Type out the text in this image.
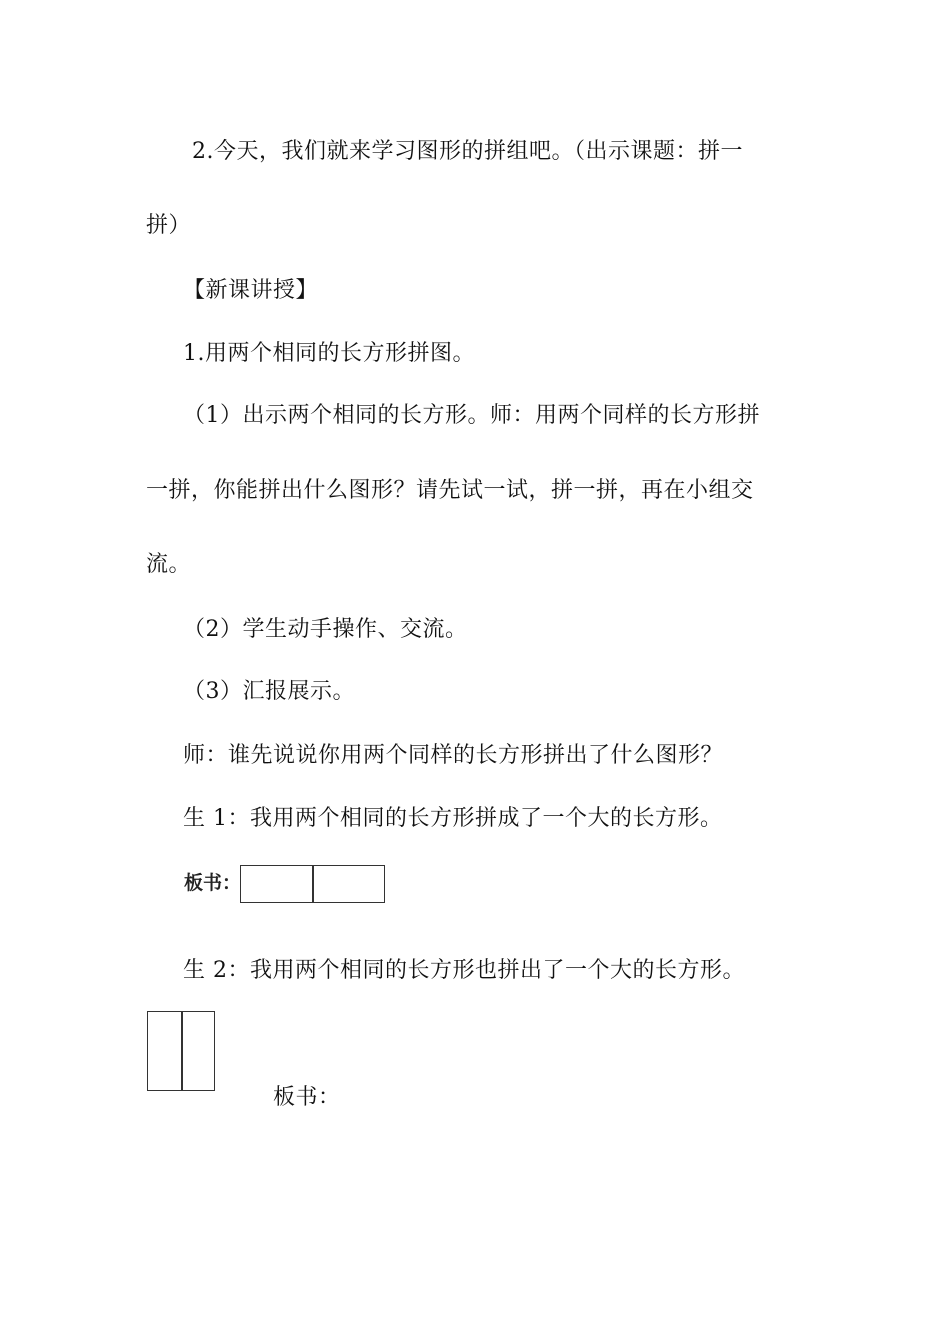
2.今天，我们就来学习图形的拼组吧。（出示课题：拼一
拼）
【新课讲授】
1.用两个相同的长方形拼图。
（1）出示两个相同的长方形。师：用两个同样的长方形拼
一拼，你能拼出什么图形？请先试一试，拼一拼，再在小组交
流。
（2）学生动手操作、交流。
（3）汇报展示。
师：谁先说说你用两个同样的长方形拼出了什么图形？
生 1：我用两个相同的长方形拼成了一个大的长方形。
板书：
生 2：我用两个相同的长方形也拼出了一个大的长方形。
板书：
